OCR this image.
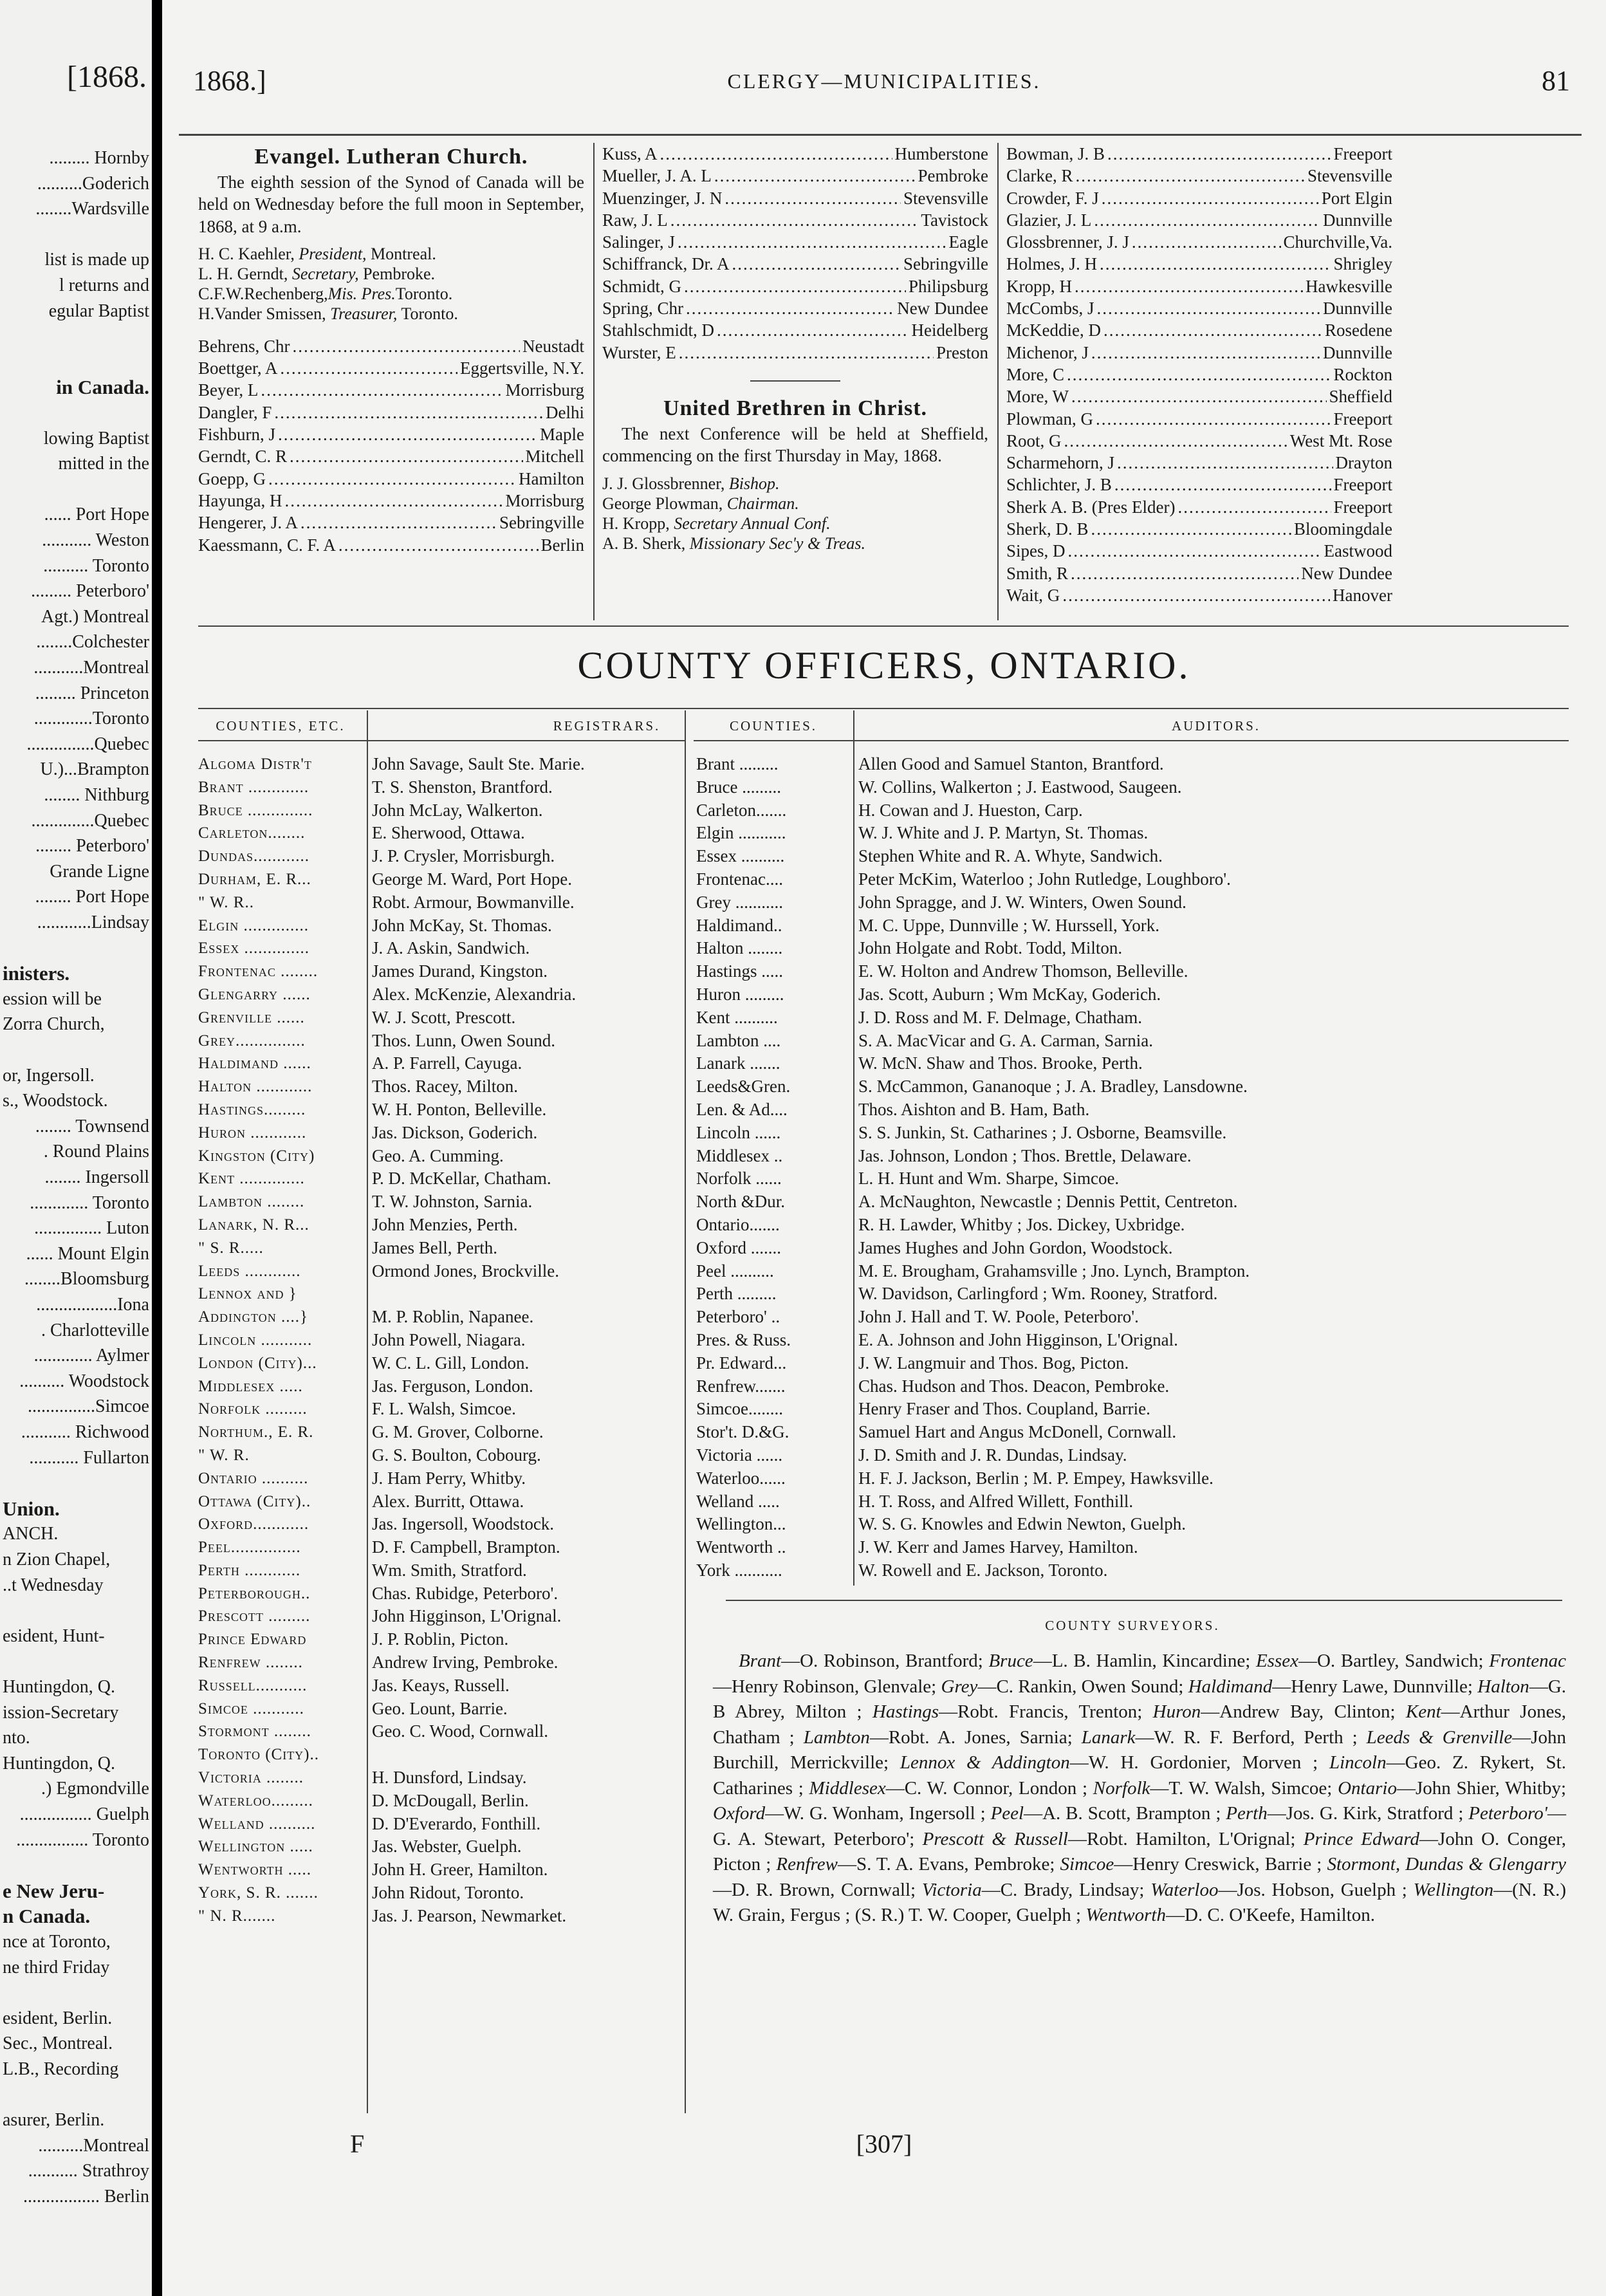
[1868.
......... Hornby
..........Goderich
........Wardsville
list is made up
l returns and
egular Baptist
in Canada.
lowing Baptist
mitted in the
...... Port Hope
........... Weston
.......... Toronto
......... Peterboro'
Agt.) Montreal
........Colchester
...........Montreal
......... Princeton
.............Toronto
...............Quebec
U.)...Brampton
........ Nithburg
..............Quebec
........ Peterboro'
Grande Ligne
........ Port Hope
............Lindsay
inisters.
ession will be
Zorra Church,
or, Ingersoll.
s., Woodstock.
........ Townsend
. Round Plains
........ Ingersoll
............. Toronto
............... Luton
...... Mount Elgin
........Bloomsburg
..................Iona
. Charlotteville
............. Aylmer
.......... Woodstock
...............Simcoe
........... Richwood
........... Fullarton
Union.
ANCH.
n Zion Chapel,
..t Wednesday
esident, Hunt-
Huntingdon, Q.
ission-Secretary
nto.
Huntingdon, Q.
.) Egmondville
................ Guelph
................ Toronto
e New Jeru-
n Canada.
nce at Toronto,
ne third Friday
esident, Berlin.
Sec., Montreal.
L.B., Recording
asurer, Berlin.
..........Montreal
........... Strathroy
................. Berlin
1868.]	CLERGY—MUNICIPALITIES.	81
Evangel. Lutheran Church.
The eighth session of the Synod of Canada will be held on Wednesday before the full moon in September, 1868, at 9 a.m.
H. C. Kaehler, President, Montreal.
L. H. Gerndt, Secretary, Pembroke.
C.F.W.Rechenberg,Mis. Pres.Toronto.
H.Vander Smissen, Treasurer, Toronto.
Behrens, Chr .....	Neustadt
Boettger, A .....	Eggertsville, N.Y.
Beyer, L .....	Morrisburg
Dangler, F .....	Delhi
Fishburn, J .....	Maple
Gerndt, C. R .....	Mitchell
Goepp, G .....	Hamilton
Hayunga, H .....	Morrisburg
Hengerer, J. A .....	Sebringville
Kaessmann, C. F. A .....	Berlin
Kuss, A .....	Humberstone
Mueller, J. A. L .....	Pembroke
Muenzinger, J. N .....	Stevensville
Raw, J. L .....	Tavistock
Salinger, J .....	Eagle
Schiffranck, Dr. A .....	Sebringville
Schmidt, G .....	Philipsburg
Spring, Chr .....	New Dundee
Stahlschmidt, D .....	Heidelberg
Wurster, E .....	Preston
United Brethren in Christ.
The next Conference will be held at Sheffield, commencing on the first Thursday in May, 1868.
J. J. Glossbrenner, Bishop.
George Plowman, Chairman.
H. Kropp, Secretary Annual Conf.
A. B. Sherk, Missionary Sec'y & Treas.
Bowman, J. B .....	Freeport
Clarke, R .....	Stevensville
Crowder, F. J .....	Port Elgin
Glazier, J. L .....	Dunnville
Glossbrenner, J. J .....	Churchville,Va.
Holmes, J. H .....	Shrigley
Kropp, H .....	Hawkesville
McCombs, J .....	Dunnville
McKeddie, D .....	Rosedene
Michenor, J .....	Dunnville
More, C .....	Rockton
More, W .....	Sheffield
Plowman, G .....	Freeport
Root, G .....	West Mt. Rose
Scharmehorn, J .....	Drayton
Schlichter, J. B .....	Freeport
Sherk A. B. (Pres Elder) .....	Freeport
Sherk, D. B .....	Bloomingdale
Sipes, D .....	Eastwood
Smith, R .....	New Dundee
Wait, G .....	Hanover
COUNTY OFFICERS, ONTARIO.
COUNTIES, ETC.	REGISTRARS.
Algoma Distr't	John Savage, Sault Ste. Marie.
Brant .............	T. S. Shenston, Brantford.
Bruce ..............	John McLay, Walkerton.
Carleton........	E. Sherwood, Ottawa.
Dundas............	J. P. Crysler, Morrisburgh.
Durham, E. R...	George M. Ward, Port Hope.
" W. R..	Robt. Armour, Bowmanville.
Elgin ..............	John McKay, St. Thomas.
Essex ..............	J. A. Askin, Sandwich.
Frontenac ........	James Durand, Kingston.
Glengarry ......	Alex. McKenzie, Alexandria.
Grenville ......	W. J. Scott, Prescott.
Grey...............	Thos. Lunn, Owen Sound.
Haldimand ......	A. P. Farrell, Cayuga.
Halton ............	Thos. Racey, Milton.
Hastings.........	W. H. Ponton, Belleville.
Huron ............	Jas. Dickson, Goderich.
Kingston (City)	Geo. A. Cumming.
Kent ..............	P. D. McKellar, Chatham.
Lambton ........	T. W. Johnston, Sarnia.
Lanark, N. R...	John Menzies, Perth.
" S. R.....	James Bell, Perth.
Leeds ............	Ormond Jones, Brockville.
Lennox and }
Addington ....}	M. P. Roblin, Napanee.
Lincoln ...........	John Powell, Niagara.
London (City)...	W. C. L. Gill, London.
Middlesex .....	Jas. Ferguson, London.
Norfolk .........	F. L. Walsh, Simcoe.
Northum., E. R.	G. M. Grover, Colborne.
" W. R.	G. S. Boulton, Cobourg.
Ontario ..........	J. Ham Perry, Whitby.
Ottawa (City)..	Alex. Burritt, Ottawa.
Oxford............	Jas. Ingersoll, Woodstock.
Peel...............	D. F. Campbell, Brampton.
Perth ............	Wm. Smith, Stratford.
Peterborough..	Chas. Rubidge, Peterboro'.
Prescott .........	John Higginson, L'Orignal.
Prince Edward	J. P. Roblin, Picton.
Renfrew ........	Andrew Irving, Pembroke.
Russell...........	Jas. Keays, Russell.
Simcoe ...........	Geo. Lount, Barrie.
Stormont ........	Geo. C. Wood, Cornwall.
Toronto (City)..
Victoria ........	H. Dunsford, Lindsay.
Waterloo.........	D. McDougall, Berlin.
Welland ..........	D. D'Everardo, Fonthill.
Wellington .....	Jas. Webster, Guelph.
Wentworth .....	John H. Greer, Hamilton.
York, S. R. .......	John Ridout, Toronto.
" N. R.......	Jas. J. Pearson, Newmarket.
COUNTIES.	AUDITORS.
Brant .........	Allen Good and Samuel Stanton, Brantford.
Bruce .........	W. Collins, Walkerton ; J. Eastwood, Saugeen.
Carleton.......	H. Cowan and J. Hueston, Carp.
Elgin ...........	W. J. White and J. P. Martyn, St. Thomas.
Essex ..........	Stephen White and R. A. Whyte, Sandwich.
Frontenac....	Peter McKim, Waterloo ; John Rutledge, Loughboro'.
Grey ...........	John Spragge, and J. W. Winters, Owen Sound.
Haldimand..	M. C. Uppe, Dunnville ; W. Hurssell, York.
Halton ........	John Holgate and Robt. Todd, Milton.
Hastings .....	E. W. Holton and Andrew Thomson, Belleville.
Huron .........	Jas. Scott, Auburn ; Wm McKay, Goderich.
Kent ..........	J. D. Ross and M. F. Delmage, Chatham.
Lambton ....	S. A. MacVicar and G. A. Carman, Sarnia.
Lanark .......	W. McN. Shaw and Thos. Brooke, Perth.
Leeds&Gren.	S. McCammon, Gananoque ; J. A. Bradley, Lansdowne.
Len. & Ad....	Thos. Aishton and B. Ham, Bath.
Lincoln ......	S. S. Junkin, St. Catharines ; J. Osborne, Beamsville.
Middlesex ..	Jas. Johnson, London ; Thos. Brettle, Delaware.
Norfolk ......	L. H. Hunt and Wm. Sharpe, Simcoe.
North &Dur.	A. McNaughton, Newcastle ; Dennis Pettit, Centreton.
Ontario.......	R. H. Lawder, Whitby ; Jos. Dickey, Uxbridge.
Oxford .......	James Hughes and John Gordon, Woodstock.
Peel ..........	M. E. Brougham, Grahamsville ; Jno. Lynch, Brampton.
Perth .........	W. Davidson, Carlingford ; Wm. Rooney, Stratford.
Peterboro' ..	John J. Hall and T. W. Poole, Peterboro'.
Pres. & Russ.	E. A. Johnson and John Higginson, L'Orignal.
Pr. Edward...	J. W. Langmuir and Thos. Bog, Picton.
Renfrew.......	Chas. Hudson and Thos. Deacon, Pembroke.
Simcoe........	Henry Fraser and Thos. Coupland, Barrie.
Stor't. D.&G.	Samuel Hart and Angus McDonell, Cornwall.
Victoria ......	J. D. Smith and J. R. Dundas, Lindsay.
Waterloo......	H. F. J. Jackson, Berlin ; M. P. Empey, Hawksville.
Welland .....	H. T. Ross, and Alfred Willett, Fonthill.
Wellington...	W. S. G. Knowles and Edwin Newton, Guelph.
Wentworth ..	J. W. Kerr and James Harvey, Hamilton.
York ...........	W. Rowell and E. Jackson, Toronto.
COUNTY SURVEYORS.
Brant—O. Robinson, Brantford; Bruce—L. B. Hamlin, Kincardine; Essex—O. Bartley, Sandwich; Frontenac—Henry Robinson, Glenvale; Grey—C. Rankin, Owen Sound; Haldimand—Henry Lawe, Dunnville; Halton—G. B Abrey, Milton ; Hastings—Robt. Francis, Trenton; Huron—Andrew Bay, Clinton; Kent—Arthur Jones, Chatham ; Lambton—Robt. A. Jones, Sarnia; Lanark—W. R. F. Berford, Perth ; Leeds & Grenville—John Burchill, Merrickville; Lennox & Addington—W. H. Gordonier, Morven ; Lincoln—Geo. Z. Rykert, St. Catharines ; Middlesex—C. W. Connor, London ; Norfolk—T. W. Walsh, Simcoe; Ontario—John Shier, Whitby; Oxford—W. G. Wonham, Ingersoll ; Peel—A. B. Scott, Brampton ; Perth—Jos. G. Kirk, Stratford ; Peterboro'—G. A. Stewart, Peterboro'; Prescott & Russell—Robt. Hamilton, L'Orignal; Prince Edward—John O. Conger, Picton ; Renfrew—S. T. A. Evans, Pembroke; Simcoe—Henry Creswick, Barrie ; Stormont, Dundas & Glengarry—D. R. Brown, Cornwall; Victoria—C. Brady, Lindsay; Waterloo—Jos. Hobson, Guelph ; Wellington—(N. R.) W. Grain, Fergus ; (S. R.) T. W. Cooper, Guelph ; Wentworth—D. C. O'Keefe, Hamilton.
F	[307]
